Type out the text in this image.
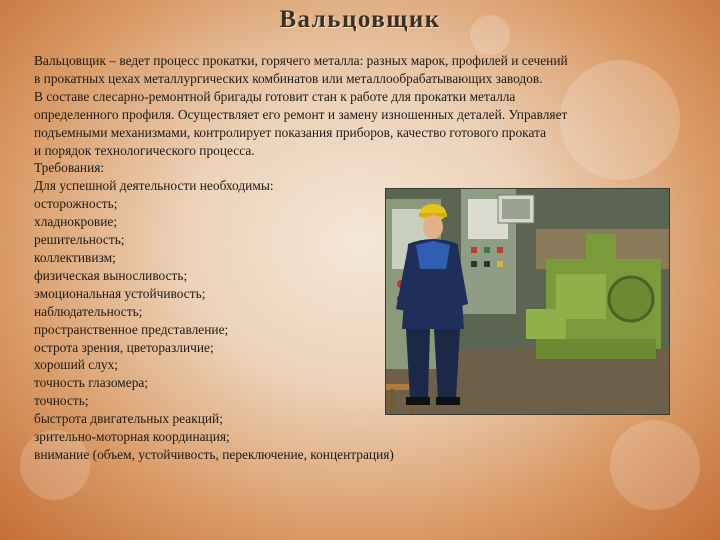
Вальцовщик
Вальцовщик – ведет процесс прокатки, горячего металла: разных марок, профилей и сечений
в прокатных цехах металлургических комбинатов или металлообрабатывающих заводов.
В составе слесарно-ремонтной бригады готовит стан к работе для прокатки металла
определенного профиля. Осуществляет его ремонт и замену изношенных деталей. Управляет
подъемными механизмами, контролирует показания приборов, качество готового проката
и порядок технологического процесса.
Требования:
Для успешной деятельности необходимы:
осторожность;
хладнокровие;
решительность;
коллективизм;
физическая выносливость;
эмоциональная устойчивость;
наблюдательность;
пространственное представление;
острота зрения, цветоразличие;
хороший слух;
точность глазомера;
точность;
быстрота двигательных реакций;
зрительно-моторная координация;
внимание (объем, устойчивость, переключение, концентрация)
